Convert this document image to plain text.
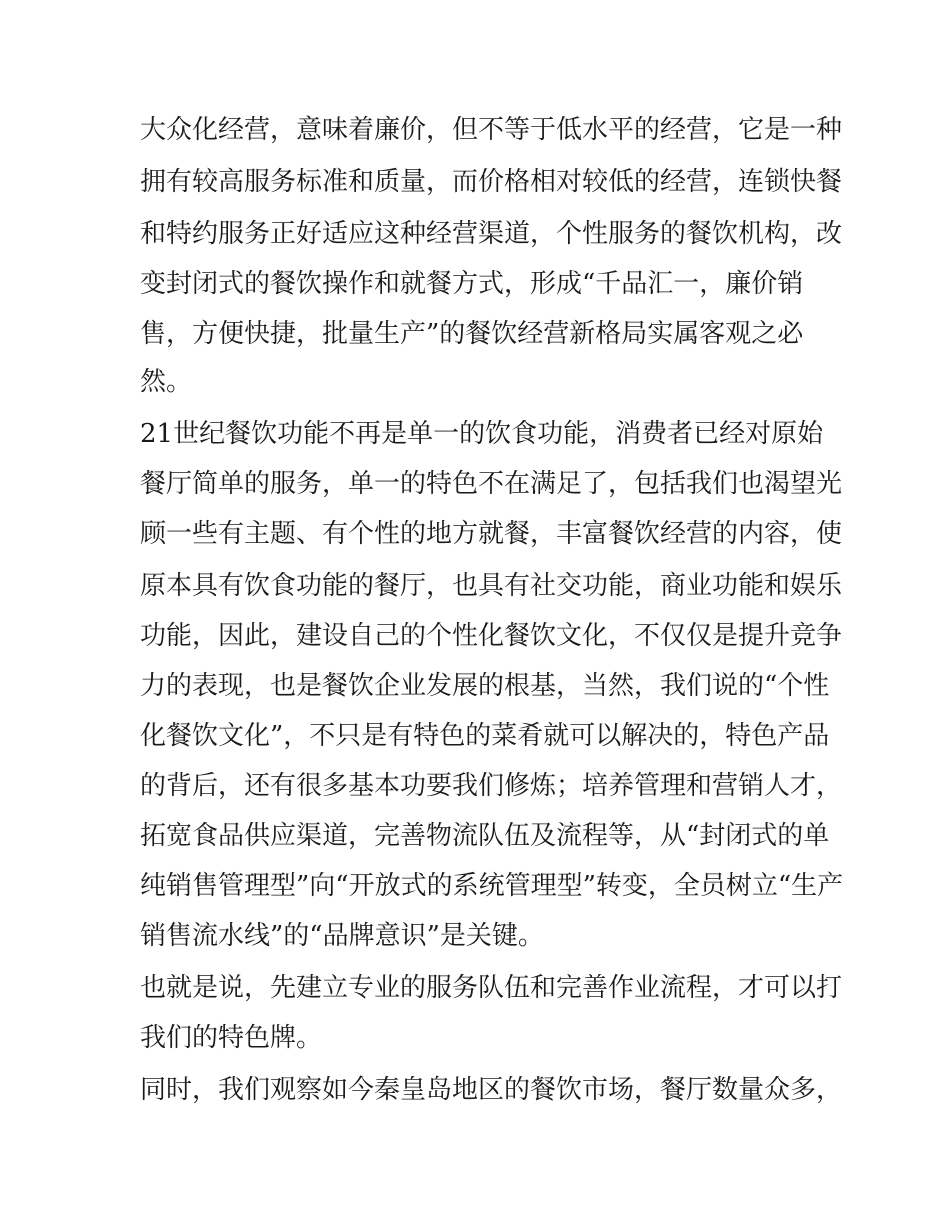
大众化经营，意味着廉价，但不等于低水平的经营，它是一种
拥有较高服务标准和质量，而价格相对较低的经营，连锁快餐
和特约服务正好适应这种经营渠道，个性服务的餐饮机构，改
变封闭式的餐饮操作和就餐方式，形成“千品汇一，廉价销
售，方便快捷，批量生产”的餐饮经营新格局实属客观之必
然。
21世纪餐饮功能不再是单一的饮食功能，消费者已经对原始
餐厅简单的服务，单一的特色不在满足了，包括我们也渴望光
顾一些有主题、有个性的地方就餐，丰富餐饮经营的内容，使
原本具有饮食功能的餐厅，也具有社交功能，商业功能和娱乐
功能，因此，建设自己的个性化餐饮文化，不仅仅是提升竞争
力的表现，也是餐饮企业发展的根基，当然，我们说的“个性
化餐饮文化”，不只是有特色的菜肴就可以解决的，特色产品
的背后，还有很多基本功要我们修炼；培养管理和营销人才，
拓宽食品供应渠道，完善物流队伍及流程等，从“封闭式的单
纯销售管理型”向“开放式的系统管理型”转变，全员树立“生产
销售流水线”的“品牌意识”是关键。
也就是说，先建立专业的服务队伍和完善作业流程，才可以打
我们的特色牌。
同时，我们观察如今秦皇岛地区的餐饮市场，餐厅数量众多，
